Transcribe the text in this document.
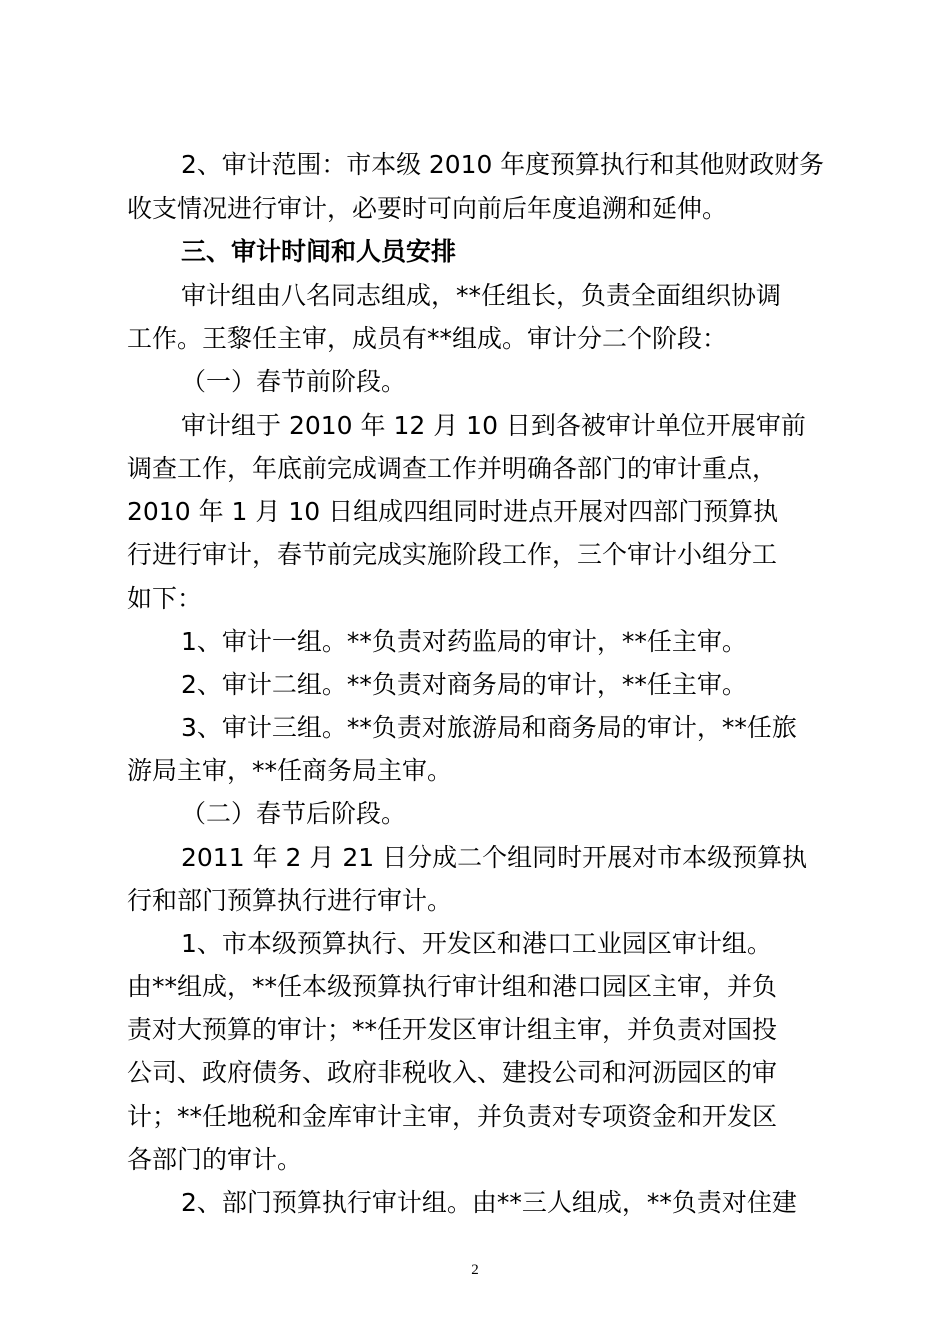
2、审计范围：市本级 2010 年度预算执行和其他财政财务
收支情况进行审计，必要时可向前后年度追溯和延伸。
三、审计时间和人员安排
审计组由八名同志组成，**任组长，负责全面组织协调
工作。王黎任主审，成员有**组成。审计分二个阶段：
（一）春节前阶段。
审计组于 2010 年 12 月 10 日到各被审计单位开展审前
调查工作，年底前完成调查工作并明确各部门的审计重点，
2010 年 1 月 10 日组成四组同时进点开展对四部门预算执
行进行审计，春节前完成实施阶段工作，三个审计小组分工
如下：
1、审计一组。**负责对药监局的审计，**任主审。
2、审计二组。**负责对商务局的审计，**任主审。
3、审计三组。**负责对旅游局和商务局的审计，**任旅
游局主审，**任商务局主审。
（二）春节后阶段。
2011 年 2 月 21 日分成二个组同时开展对市本级预算执
行和部门预算执行进行审计。
1、市本级预算执行、开发区和港口工业园区审计组。
由**组成，**任本级预算执行审计组和港口园区主审，并负
责对大预算的审计；**任开发区审计组主审，并负责对国投
公司、政府债务、政府非税收入、建投公司和河沥园区的审
计；**任地税和金库审计主审，并负责对专项资金和开发区
各部门的审计。
2、部门预算执行审计组。由**三人组成，**负责对住建
2
